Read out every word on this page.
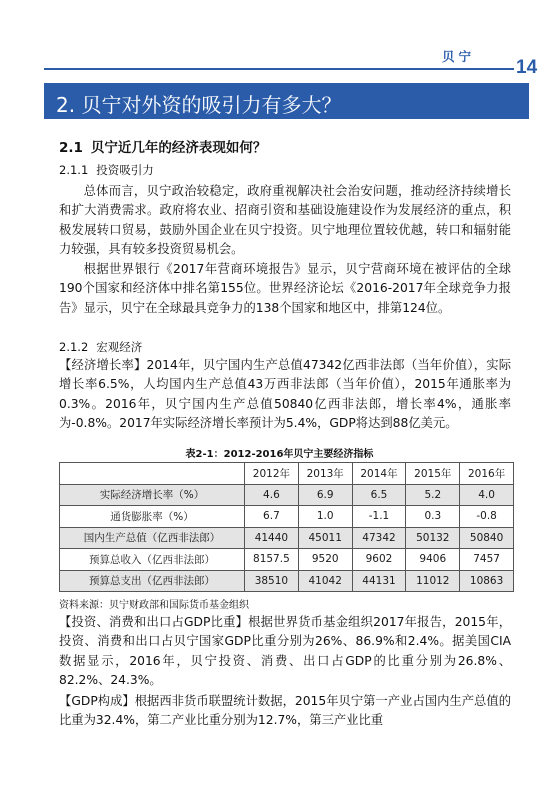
贝宁
14
2. 贝宁对外资的吸引力有多大？
2.1 贝宁近几年的经济表现如何？
2.1.1 投资吸引力

总体而言，贝宁政治较稳定，政府重视解决社会治安问题，推动经济持续增长和扩大消费需求。政府将农业、招商引资和基础设施建设作为发展经济的重点，积极发展转口贸易，鼓励外国企业在贝宁投资。贝宁地理位置较优越，转口和辐射能力较强，具有较多投资贸易机会。

根据世界银行《2017年营商环境报告》显示，贝宁营商环境在被评估的全球190个国家和经济体中排名第155位。世界经济论坛《2016-2017年全球竞争力报告》显示，贝宁在全球最具竞争力的138个国家和地区中，排第124位。

2.1.2 宏观经济

【经济增长率】2014年，贝宁国内生产总值47342亿西非法郎（当年价值），实际增长率6.5%，人均国内生产总值43万西非法郎（当年价值），2015年通胀率为0.3%。2016年，贝宁国内生产总值50840亿西非法郎，增长率4%，通胀率为-0.8%。2017年实际经济增长率预计为5.4%，GDP将达到88亿美元。

表2-1：2012-2016年贝宁主要经济指标
	2012年	2013年	2014年	2015年	2016年
实际经济增长率（%）	4.6	6.9	6.5	5.2	4.0
通货膨胀率（%）	6.7	1.0	-1.1	0.3	-0.8
国内生产总值（亿西非法郎）	41440	45011	47342	50132	50840
预算总收入（亿西非法郎）	8157.5	9520	9602	9406	7457
预算总支出（亿西非法郎）	38510	41042	44131	11012	10863
资料来源：贝宁财政部和国际货币基金组织

【投资、消费和出口占GDP比重】根据世界货币基金组织2017年报告，2015年，投资、消费和出口占贝宁国家GDP比重分别为26%、86.9%和2.4%。据美国CIA数据显示，2016年，贝宁投资、消费、出口占GDP的比重分别为26.8%、82.2%、24.3%。

【GDP构成】根据西非货币联盟统计数据，2015年贝宁第一产业占国内生产总值的比重为32.4%，第二产业比重分别为12.7%，第三产业比重
